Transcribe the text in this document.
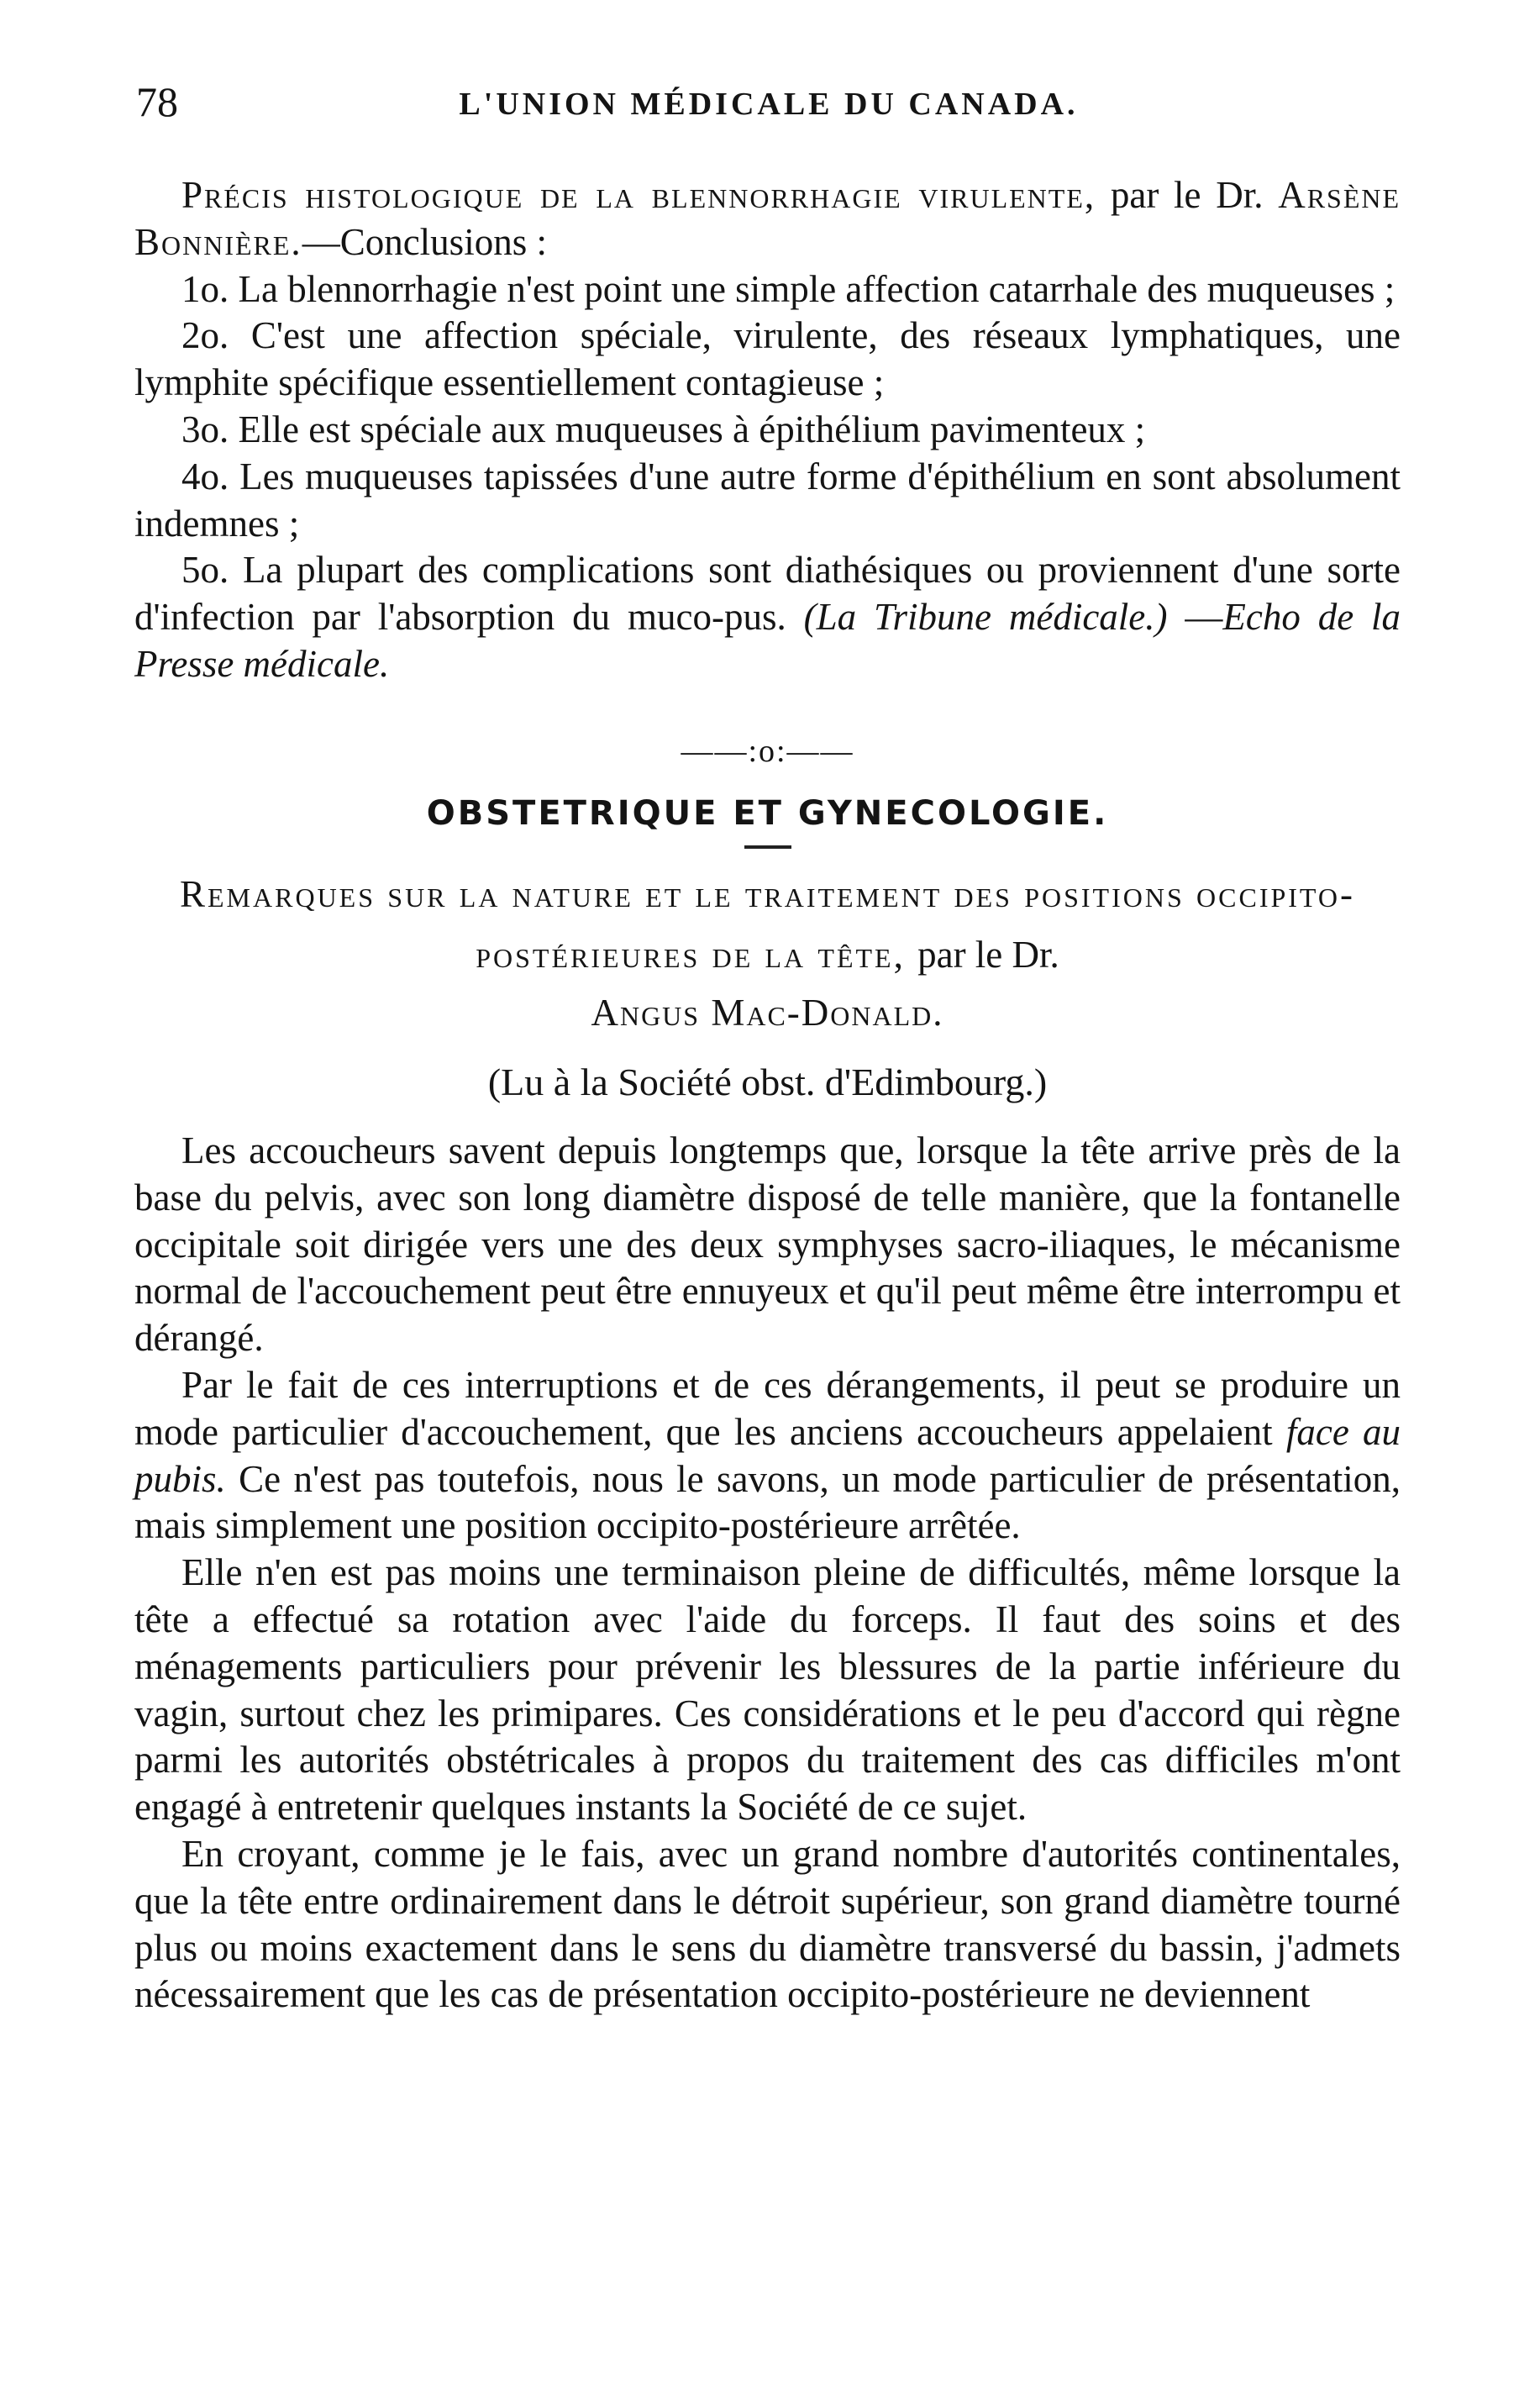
78	L'UNION MÉDICALE DU CANADA.

Précis histologique de la blennorrhagie virulente, par le Dr. Arsène Bonnière.—Conclusions :

1o. La blennorrhagie n'est point une simple affection catarrhale des muqueuses ;

2o. C'est une affection spéciale, virulente, des réseaux lymphatiques, une lymphite spécifique essentiellement contagieuse ;

3o. Elle est spéciale aux muqueuses à épithélium pavimenteux ;

4o. Les muqueuses tapissées d'une autre forme d'épithélium en sont absolument indemnes ;

5o. La plupart des complications sont diathésiques ou proviennent d'une sorte d'infection par l'absorption du muco-pus. (La Tribune médicale.) —Echo de la Presse médicale.

——:o:——
OBSTETRIQUE ET GYNECOLOGIE.
Remarques sur la nature et le traitement des positions occipito-postérieures de la tête, par le Dr.
Angus Mac-Donald.
(Lu à la Société obst. d'Edimbourg.)

Les accoucheurs savent depuis longtemps que, lorsque la tête arrive près de la base du pelvis, avec son long diamètre disposé de telle manière, que la fontanelle occipitale soit dirigée vers une des deux symphyses sacro-iliaques, le mécanisme normal de l'accouchement peut être ennuyeux et qu'il peut même être interrompu et dérangé.

Par le fait de ces interruptions et de ces dérangements, il peut se produire un mode particulier d'accouchement, que les anciens accoucheurs appelaient face au pubis. Ce n'est pas toutefois, nous le savons, un mode particulier de présentation, mais simplement une position occipito-postérieure arrêtée.

Elle n'en est pas moins une terminaison pleine de difficultés, même lorsque la tête a effectué sa rotation avec l'aide du forceps. Il faut des soins et des ménagements particuliers pour prévenir les blessures de la partie inférieure du vagin, surtout chez les primipares. Ces considérations et le peu d'accord qui règne parmi les autorités obstétricales à propos du traitement des cas difficiles m'ont engagé à entretenir quelques instants la Société de ce sujet.

En croyant, comme je le fais, avec un grand nombre d'autorités continentales, que la tête entre ordinairement dans le détroit supérieur, son grand diamètre tourné plus ou moins exactement dans le sens du diamètre transversé du bassin, j'admets nécessairement que les cas de présentation occipito-postérieure ne deviennent
